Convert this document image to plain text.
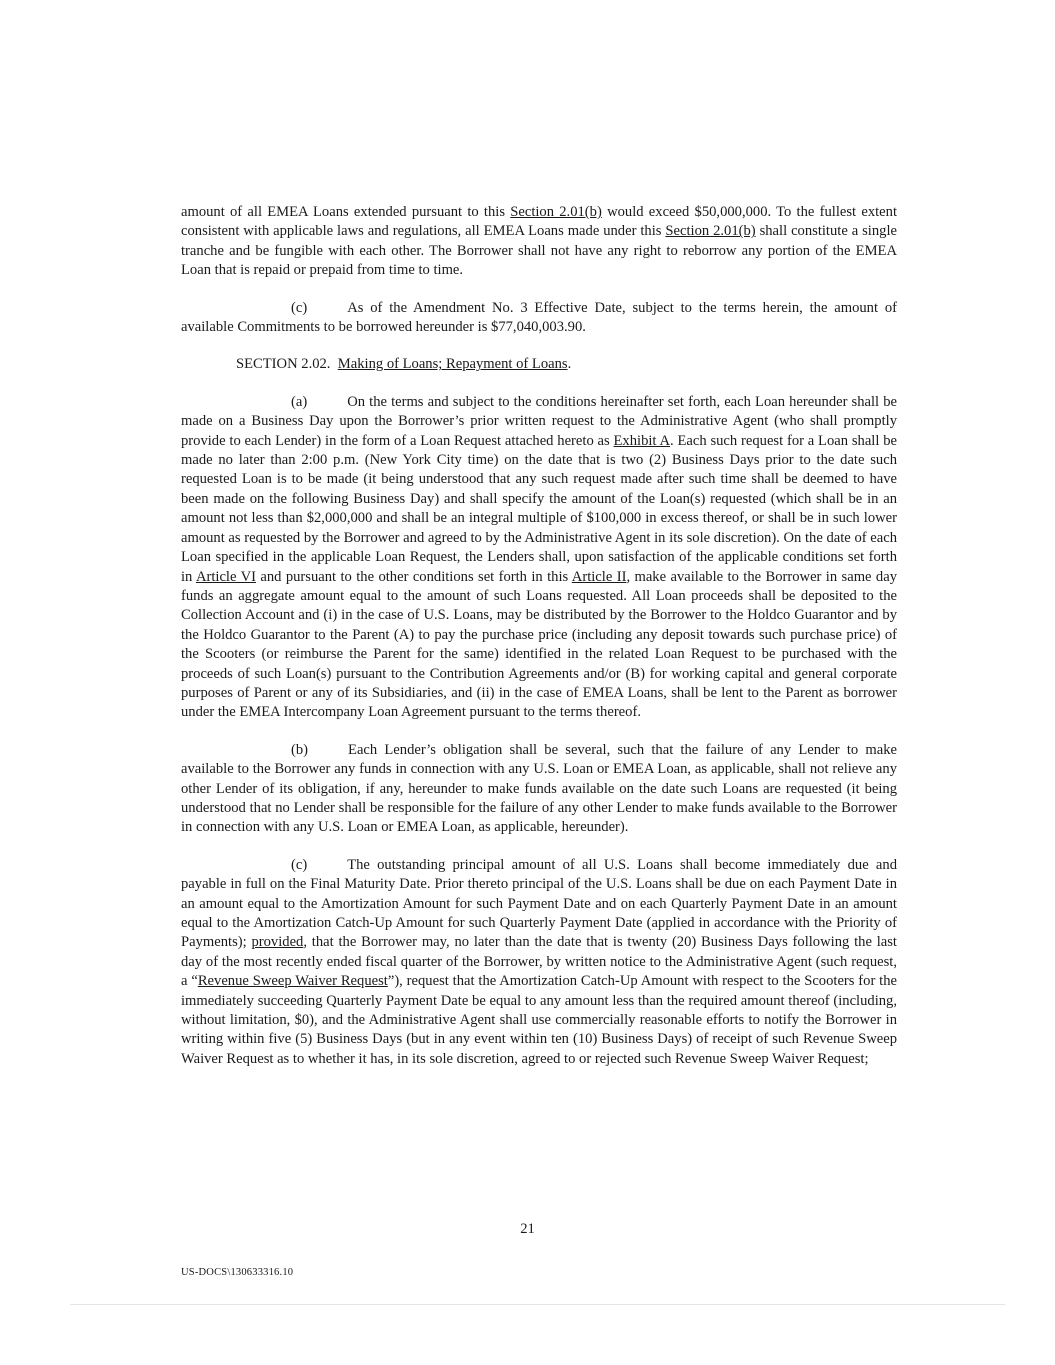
amount of all EMEA Loans extended pursuant to this Section 2.01(b) would exceed $50,000,000. To the fullest extent consistent with applicable laws and regulations, all EMEA Loans made under this Section 2.01(b) shall constitute a single tranche and be fungible with each other. The Borrower shall not have any right to reborrow any portion of the EMEA Loan that is repaid or prepaid from time to time.

(c)	As of the Amendment No. 3 Effective Date, subject to the terms herein, the amount of available Commitments to be borrowed hereunder is $77,040,003.90.

SECTION 2.02. Making of Loans; Repayment of Loans.

(a)	On the terms and subject to the conditions hereinafter set forth, each Loan hereunder shall be made on a Business Day upon the Borrower’s prior written request to the Administrative Agent (who shall promptly provide to each Lender) in the form of a Loan Request attached hereto as Exhibit A. Each such request for a Loan shall be made no later than 2:00 p.m. (New York City time) on the date that is two (2) Business Days prior to the date such requested Loan is to be made (it being understood that any such request made after such time shall be deemed to have been made on the following Business Day) and shall specify the amount of the Loan(s) requested (which shall be in an amount not less than $2,000,000 and shall be an integral multiple of $100,000 in excess thereof, or shall be in such lower amount as requested by the Borrower and agreed to by the Administrative Agent in its sole discretion). On the date of each Loan specified in the applicable Loan Request, the Lenders shall, upon satisfaction of the applicable conditions set forth in Article VI and pursuant to the other conditions set forth in this Article II, make available to the Borrower in same day funds an aggregate amount equal to the amount of such Loans requested. All Loan proceeds shall be deposited to the Collection Account and (i) in the case of U.S. Loans, may be distributed by the Borrower to the Holdco Guarantor and by the Holdco Guarantor to the Parent (A) to pay the purchase price (including any deposit towards such purchase price) of the Scooters (or reimburse the Parent for the same) identified in the related Loan Request to be purchased with the proceeds of such Loan(s) pursuant to the Contribution Agreements and/or (B) for working capital and general corporate purposes of Parent or any of its Subsidiaries, and (ii) in the case of EMEA Loans, shall be lent to the Parent as borrower under the EMEA Intercompany Loan Agreement pursuant to the terms thereof.

(b)	Each Lender’s obligation shall be several, such that the failure of any Lender to make available to the Borrower any funds in connection with any U.S. Loan or EMEA Loan, as applicable, shall not relieve any other Lender of its obligation, if any, hereunder to make funds available on the date such Loans are requested (it being understood that no Lender shall be responsible for the failure of any other Lender to make funds available to the Borrower in connection with any U.S. Loan or EMEA Loan, as applicable, hereunder).

(c)	The outstanding principal amount of all U.S. Loans shall become immediately due and payable in full on the Final Maturity Date. Prior thereto principal of the U.S. Loans shall be due on each Payment Date in an amount equal to the Amortization Amount for such Payment Date and on each Quarterly Payment Date in an amount equal to the Amortization Catch-Up Amount for such Quarterly Payment Date (applied in accordance with the Priority of Payments); provided, that the Borrower may, no later than the date that is twenty (20) Business Days following the last day of the most recently ended fiscal quarter of the Borrower, by written notice to the Administrative Agent (such request, a “Revenue Sweep Waiver Request”), request that the Amortization Catch-Up Amount with respect to the Scooters for the immediately succeeding Quarterly Payment Date be equal to any amount less than the required amount thereof (including, without limitation, $0), and the Administrative Agent shall use commercially reasonable efforts to notify the Borrower in writing within five (5) Business Days (but in any event within ten (10) Business Days) of receipt of such Revenue Sweep Waiver Request as to whether it has, in its sole discretion, agreed to or rejected such Revenue Sweep Waiver Request;

21
US-DOCS\130633316.10
